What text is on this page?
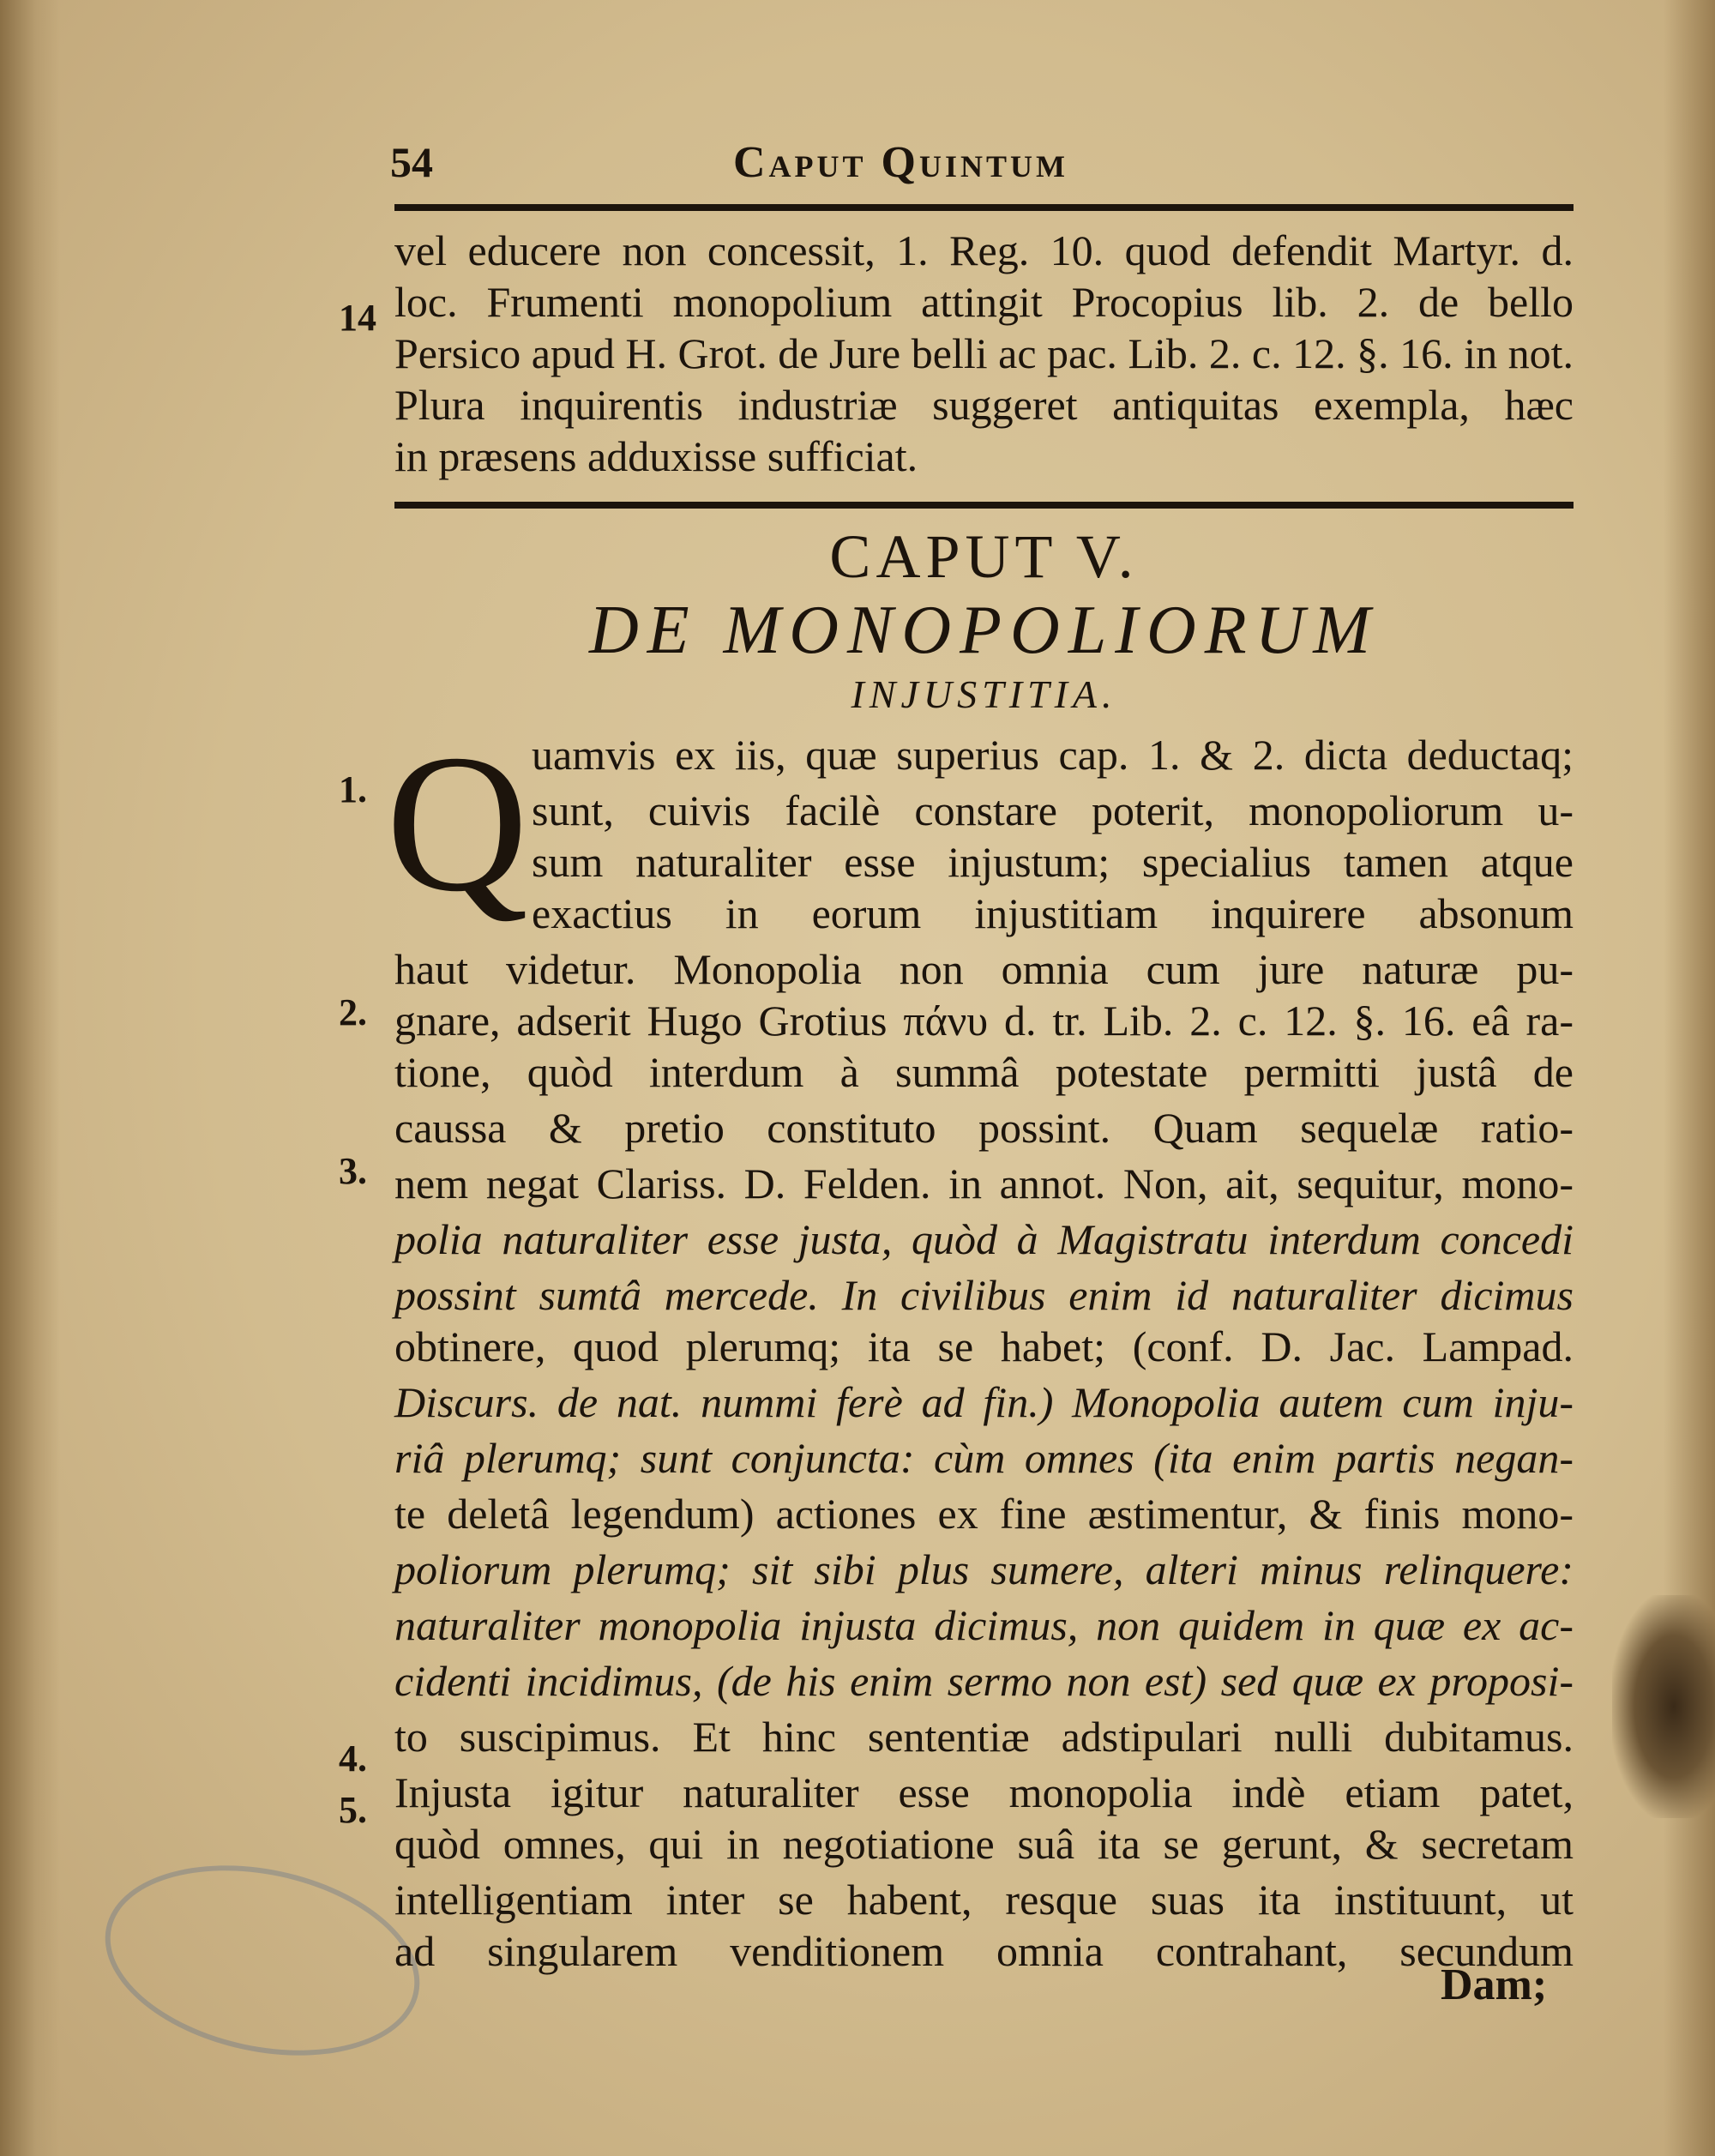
54	Caput Quintum
vel educere non concessit, 1. Reg. 10. quod defendit Martyr. d.
loc. Frumenti monopolium attingit Procopius lib. 2. de bello
Persico apud H. Grot. de Jure belli ac pac. Lib. 2. c. 12. §. 16. in not.
Plura inquirentis industriæ suggeret antiquitas exempla, hæc
in præsens adduxisse sufficiat.
CAPUT V.
DE MONOPOLIORUM
INJUSTITIA.
Q uamvis ex iis, quæ superius cap. 1. & 2. dicta deductaq;
sunt, cuivis facilè constare poterit, monopoliorum u-
sum naturaliter esse injustum; specialius tamen atque
exactius in eorum injustitiam inquirere absonum
haut videtur. Monopolia non omnia cum jure naturæ pu-
gnare, adserit Hugo Grotius πάνυ d. tr. Lib. 2. c. 12. §. 16. eâ ra-
tione, quòd interdum à summâ potestate permitti justâ de
caussa & pretio constituto possint. Quam sequelæ ratio-
nem negat Clariss. D. Felden. in annot. Non, ait, sequitur, mono-
polia naturaliter esse justa, quòd à Magistratu interdum concedi
possint sumtâ mercede. In civilibus enim id naturaliter dicimus
obtinere, quod plerumq; ita se habet; (conf. D. Jac. Lampad.
Discurs. de nat. nummi ferè ad fin.) Monopolia autem cum inju-
riâ plerumq; sunt conjuncta: cùm omnes (ita enim partis negan-
te deletâ legendum) actiones ex fine æstimentur, & finis mono-
poliorum plerumq; sit sibi plus sumere, alteri minus relinquere:
naturaliter monopolia injusta dicimus, non quidem in quæ ex ac-
cidenti incidimus, (de his enim sermo non est) sed quæ ex proposi-
to suscipimus. Et hinc sententiæ adstipulari nulli dubitamus.
Injusta igitur naturaliter esse monopolia indè etiam patet,
quòd omnes, qui in negotiatione suâ ita se gerunt, & secretam
intelligentiam inter se habent, resque suas ita instituunt, ut
ad singularem venditionem omnia contrahant, secundum
Dam;
14
1.
2.
3.
4.
5.
